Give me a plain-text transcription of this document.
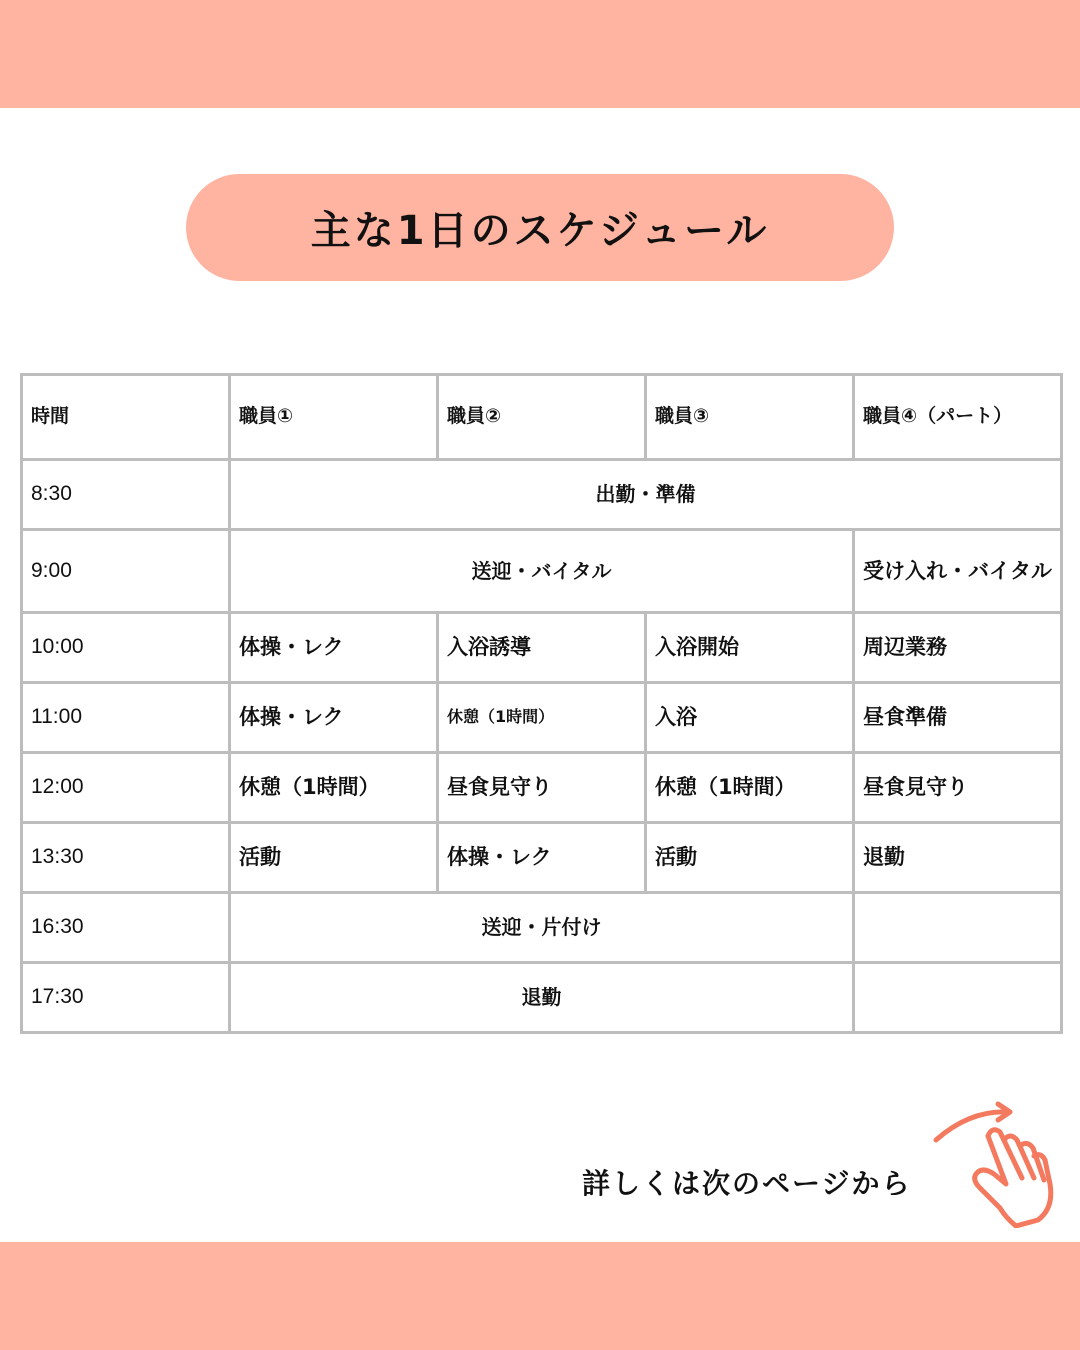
主な1日のスケジュール
時間	職員①	職員②	職員③	職員④（パート）
8:30	出勤・準備			
9:00	送迎・バイタル			受け入れ・バイタル
10:00	体操・レク	入浴誘導	入浴開始	周辺業務
11:00	体操・レク	休憩（1時間）	入浴	昼食準備
12:00	休憩（1時間）	昼食見守り	休憩（1時間）	昼食見守り
13:30	活動	体操・レク	活動	退勤
16:30	送迎・片付け			
17:30	退勤			
詳しくは次のページから
